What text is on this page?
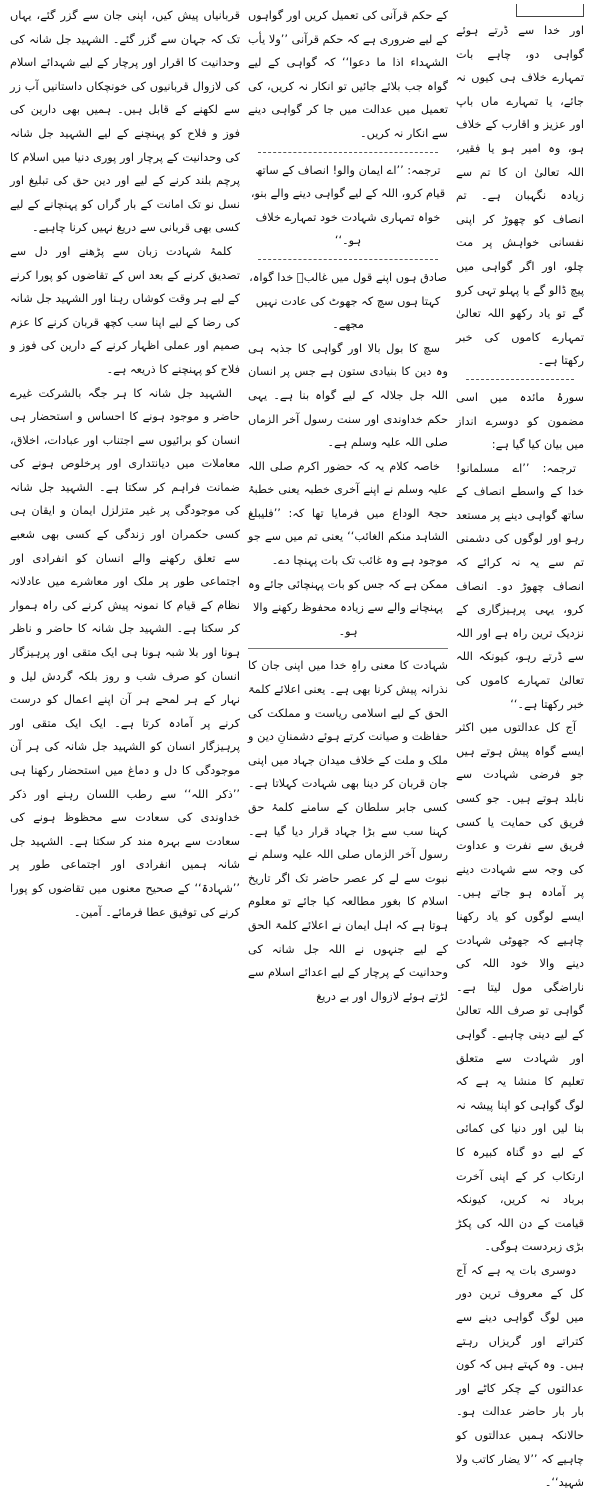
اور خدا سے ڈرتے ہوئے گواہی دو، چاہے بات تمہارے خلاف ہی کیوں نہ جائے، یا تمہارے ماں باپ اور عزیز و اقارب کے خلاف ہو، وہ امیر ہو یا فقیر، اللہ تعالیٰ ان کا تم سے زیادہ نگہبان ہے۔ تم انصاف کو چھوڑ کر اپنی نفسانی خواہش پر مت چلو، اور اگر گواہی میں پیچ ڈالو گے یا پہلو تہی کرو گے تو یاد رکھو اللہ تعالیٰ تمہارے کاموں کی خبر رکھتا ہے۔

سورۂ مائدہ میں اسی مضمون کو دوسرے انداز میں بیان کیا گیا ہے:

ترجمہ: ’’اے مسلمانو! خدا کے واسطے انصاف کے ساتھ گواہی دینے پر مستعد رہو اور لوگوں کی دشمنی تم سے یہ نہ کرائے کہ انصاف چھوڑ دو۔ انصاف کرو، یہی پرہیزگاری کے نزدیک ترین راہ ہے اور اللہ سے ڈرتے رہو، کیونکہ اللہ تعالیٰ تمہارے کاموں کی خبر رکھتا ہے۔‘‘

آج کل عدالتوں میں اکثر ایسے گواہ پیش ہوتے ہیں جو فرضی شہادت سے نابلد ہوتے ہیں۔ جو کسی فریق کی حمایت یا کسی فریق سے نفرت و عداوت کی وجہ سے شہادت دینے پر آمادہ ہو جاتے ہیں۔ ایسے لوگوں کو یاد رکھنا چاہیے کہ جھوٹی شہادت دینے والا خود اللہ کی ناراضگی مول لیتا ہے۔ گواہی تو صرف اللہ تعالیٰ کے لیے دینی چاہیے۔ گواہی اور شہادت سے متعلق تعلیم کا منشا یہ ہے کہ لوگ گواہی کو اپنا پیشہ نہ بنا لیں اور دنیا کی کمائی کے لیے دو گناہ کبیرہ کا ارتکاب کر کے اپنی آخرت برباد نہ کریں، کیونکہ قیامت کے دن اللہ کی پکڑ بڑی زبردست ہوگی۔

دوسری بات یہ ہے کہ آج کل کے معروف ترین دور میں لوگ گواہی دینے سے کتراتے اور گریزاں رہتے ہیں۔ وہ کہتے ہیں کہ کون عدالتوں کے چکر کاٹے اور بار بار حاضر عدالت ہو۔ حالانکہ ہمیں عدالتوں کو چاہیے کہ ’’لا یضار کاتب ولا شہید‘‘۔

کے حکم قرآنی کی تعمیل کریں اور گواہوں کے لیے ضروری ہے کہ حکم قرآنی ’’ولا یأب الشہداء اذا ما دعوا‘‘ کہ گواہی کے لیے گواہ جب بلائے جائیں تو انکار نہ کریں، کی تعمیل میں عدالت میں جا کر گواہی دینے سے انکار نہ کریں۔

ترجمہ: ’’اے ایمان والو! انصاف کے ساتھ قیام کرو، اللہ کے لیے گواہی دینے والے بنو، خواہ تمہاری شہادت خود تمہارے خلاف ہو۔‘‘

صادق ہوں اپنے قول میں غالبؔ خدا گواہ، کہتا ہوں سچ کہ جھوٹ کی عادت نہیں مجھے۔

سچ کا بول بالا اور گواہی کا جذبہ ہی وہ دین کا بنیادی ستون ہے جس پر انسان اللہ جل جلالہ کے لیے گواہ بنا ہے۔ یہی حکم خداوندی اور سنت رسول آخر الزماں صلی اللہ علیہ وسلم ہے۔

خاصہ کلام یہ کہ حضور اکرم صلی اللہ علیہ وسلم نے اپنے آخری خطبہ یعنی خطبۂ حجۃ الوداع میں فرمایا تھا کہ: ’’فلیبلغ الشاہد منکم الغائب‘‘ یعنی تم میں سے جو موجود ہے وہ غائب تک بات پہنچا دے۔

ممکن ہے کہ جس کو بات پہنچائی جائے وہ پہنچانے والے سے زیادہ محفوظ رکھنے والا ہو۔

شہادت کا معنی راہِ خدا میں اپنی جان کا نذرانہ پیش کرنا بھی ہے۔ یعنی اعلائے کلمۃ الحق کے لیے اسلامی ریاست و مملکت کی حفاظت و صیانت کرتے ہوئے دشمنانِ دین و ملک و ملت کے خلاف میدان جہاد میں اپنی جان قربان کر دینا بھی شہادت کہلاتا ہے۔ کسی جابر سلطان کے سامنے کلمۂ حق کہنا سب سے بڑا جہاد قرار دیا گیا ہے۔ رسول آخر الزماں صلی اللہ علیہ وسلم نے نبوت سے لے کر عصر حاضر تک اگر تاریخ اسلام کا بغور مطالعہ کیا جائے تو معلوم ہوتا ہے کہ اہل ایمان نے اعلائے کلمۃ الحق کے لیے جنہوں نے اللہ جل شانہ کی وحدانیت کے پرچار کے لیے اعدائے اسلام سے لڑتے ہوئے لازوال اور بے دریغ

قربانیاں پیش کیں، اپنی جان سے گزر گئے، یہاں تک کہ جہان سے گزر گئے۔ الشہید جل شانہ کی وحدانیت کا اقرار اور پرچار کے لیے شہدائے اسلام کی لازوال قربانیوں کی خونچکاں داستانیں آب زر سے لکھنے کے قابل ہیں۔ ہمیں بھی دارین کی فوز و فلاح کو پہنچنے کے لیے الشہید جل شانہ کی وحدانیت کے پرچار اور پوری دنیا میں اسلام کا پرچم بلند کرنے کے لیے اور دین حق کی تبلیغ اور نسل نو تک امانت کے بار گراں کو پہنچانے کے لیے کسی بھی قربانی سے دریغ نہیں کرنا چاہیے۔

کلمۂ شہادت زبان سے پڑھنے اور دل سے تصدیق کرنے کے بعد اس کے تقاضوں کو پورا کرنے کے لیے ہر وقت کوشاں رہنا اور الشہید جل شانہ کی رضا کے لیے اپنا سب کچھ قربان کرنے کا عزم صمیم اور عملی اظہار کرنے کے دارین کی فوز و فلاح کو پہنچنے کا ذریعہ ہے۔

الشہید جل شانہ کا ہر جگہ بالشرکت غیرے حاضر و موجود ہونے کا احساس و استحضار ہی انسان کو برائیوں سے اجتناب اور عبادات، اخلاق، معاملات میں دیانتداری اور پرخلوص ہونے کی ضمانت فراہم کر سکتا ہے۔ الشہید جل شانہ کی موجودگی پر غیر متزلزل ایمان و ایقان ہی کسی حکمران اور زندگی کے کسی بھی شعبے سے تعلق رکھنے والے انسان کو انفرادی اور اجتماعی طور پر ملک اور معاشرے میں عادلانہ نظام کے قیام کا نمونہ پیش کرنے کی راہ ہموار کر سکتا ہے۔ الشہید جل شانہ کا حاضر و ناظر ہونا اور بلا شبہ ہونا ہی ایک متقی اور پرہیزگار انسان کو صرف شب و روز بلکہ گردش لیل و نہار کے ہر لمحے ہر آن اپنے اعمال کو درست کرنے پر آمادہ کرتا ہے۔ ایک ایک متقی اور پرہیزگار انسان کو الشہید جل شانہ کی ہر آن موجودگی کا دل و دماغ میں استحضار رکھنا ہی ’’ذکر اللہ‘‘ سے رطب اللسان رہنے اور ذکر خداوندی کی سعادت سے محظوظ ہونے کی سعادت سے بہرہ مند کر سکتا ہے۔ الشہید جل شانہ ہمیں انفرادی اور اجتماعی طور پر ’’شہادۃ‘‘ کے صحیح معنوں میں تقاضوں کو پورا کرنے کی توفیق عطا فرمائے۔ آمین۔
